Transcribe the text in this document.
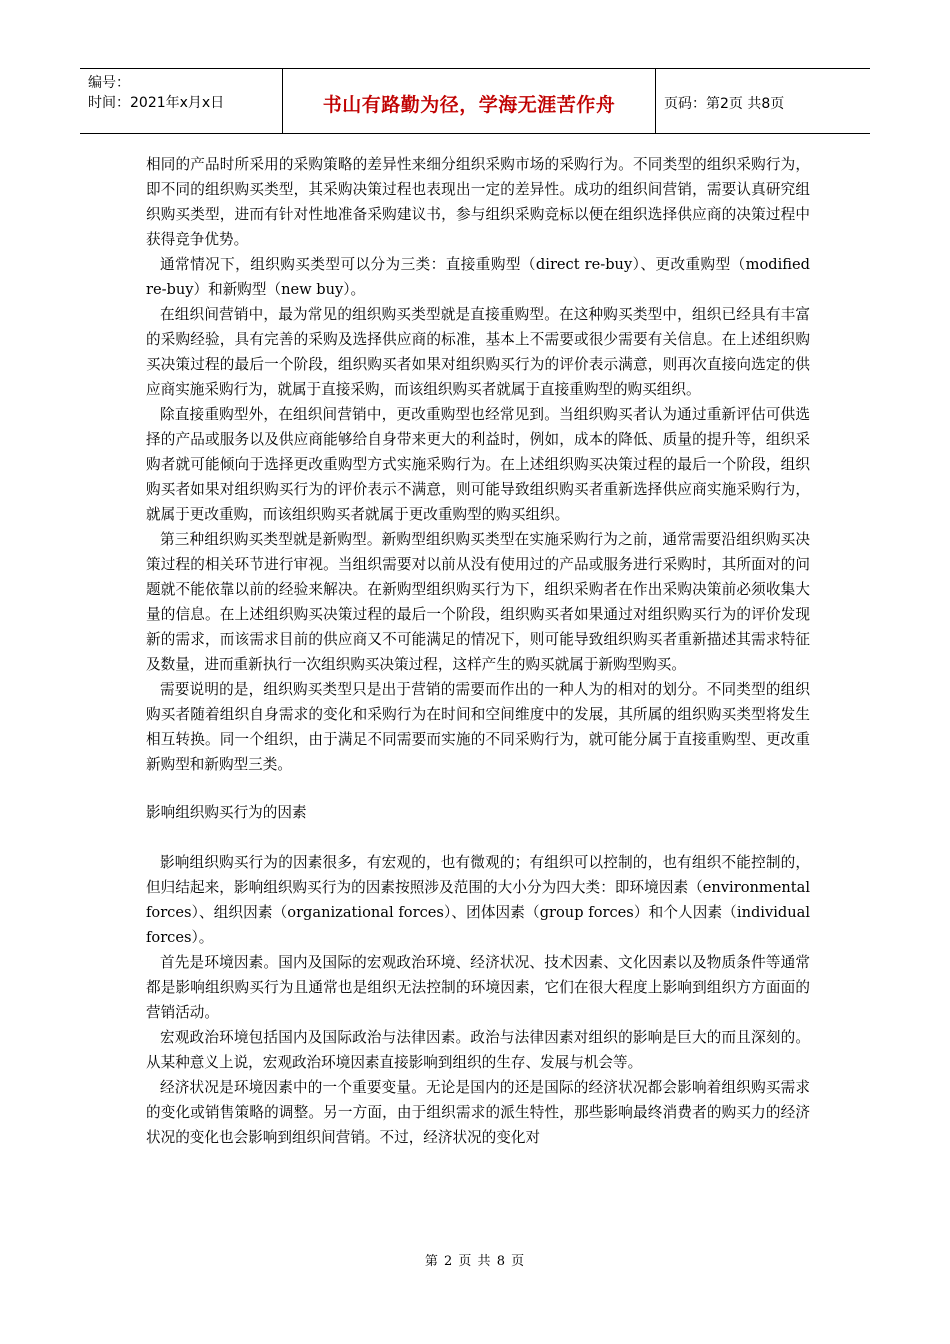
编号：
时间：2021年x月x日	书山有路勤为径，学海无涯苦作舟	页码：第2页 共8页

相同的产品时所采用的采购策略的差异性来细分组织采购市场的采购行为。不同类型的组织采购行为，即不同的组织购买类型，其采购决策过程也表现出一定的差异性。成功的组织间营销，需要认真研究组织购买类型，进而有针对性地准备采购建议书，参与组织采购竞标以便在组织选择供应商的决策过程中获得竞争优势。

通常情况下，组织购买类型可以分为三类：直接重购型（direct re-buy）、更改重购型（modified re-buy）和新购型（new buy）。

在组织间营销中，最为常见的组织购买类型就是直接重购型。在这种购买类型中，组织已经具有丰富的采购经验，具有完善的采购及选择供应商的标准，基本上不需要或很少需要有关信息。在上述组织购买决策过程的最后一个阶段，组织购买者如果对组织购买行为的评价表示满意，则再次直接向选定的供应商实施采购行为，就属于直接采购，而该组织购买者就属于直接重购型的购买组织。

除直接重购型外，在组织间营销中，更改重购型也经常见到。当组织购买者认为通过重新评估可供选择的产品或服务以及供应商能够给自身带来更大的利益时，例如，成本的降低、质量的提升等，组织采购者就可能倾向于选择更改重购型方式实施采购行为。在上述组织购买决策过程的最后一个阶段，组织购买者如果对组织购买行为的评价表示不满意，则可能导致组织购买者重新选择供应商实施采购行为，就属于更改重购，而该组织购买者就属于更改重购型的购买组织。

第三种组织购买类型就是新购型。新购型组织购买类型在实施采购行为之前，通常需要沿组织购买决策过程的相关环节进行审视。当组织需要对以前从没有使用过的产品或服务进行采购时，其所面对的问题就不能依靠以前的经验来解决。在新购型组织购买行为下，组织采购者在作出采购决策前必须收集大量的信息。在上述组织购买决策过程的最后一个阶段，组织购买者如果通过对组织购买行为的评价发现新的需求，而该需求目前的供应商又不可能满足的情况下，则可能导致组织购买者重新描述其需求特征及数量，进而重新执行一次组织购买决策过程，这样产生的购买就属于新购型购买。

需要说明的是，组织购买类型只是出于营销的需要而作出的一种人为的相对的划分。不同类型的组织购买者随着组织自身需求的变化和采购行为在时间和空间维度中的发展，其所属的组织购买类型将发生相互转换。同一个组织，由于满足不同需要而实施的不同采购行为，就可能分属于直接重购型、更改重新购型和新购型三类。

影响组织购买行为的因素

影响组织购买行为的因素很多，有宏观的，也有微观的；有组织可以控制的，也有组织不能控制的，但归结起来，影响组织购买行为的因素按照涉及范围的大小分为四大类：即环境因素（environmental forces）、组织因素（organizational forces）、团体因素（group forces）和个人因素（individual forces）。

首先是环境因素。国内及国际的宏观政治环境、经济状况、技术因素、文化因素以及物质条件等通常都是影响组织购买行为且通常也是组织无法控制的环境因素，它们在很大程度上影响到组织方方面面的营销活动。

宏观政治环境包括国内及国际政治与法律因素。政治与法律因素对组织的影响是巨大的而且深刻的。从某种意义上说，宏观政治环境因素直接影响到组织的生存、发展与机会等。

经济状况是环境因素中的一个重要变量。无论是国内的还是国际的经济状况都会影响着组织购买需求的变化或销售策略的调整。另一方面，由于组织需求的派生特性，那些影响最终消费者的购买力的经济状况的变化也会影响到组织间营销。不过，经济状况的变化对

第 2 页 共 8 页
